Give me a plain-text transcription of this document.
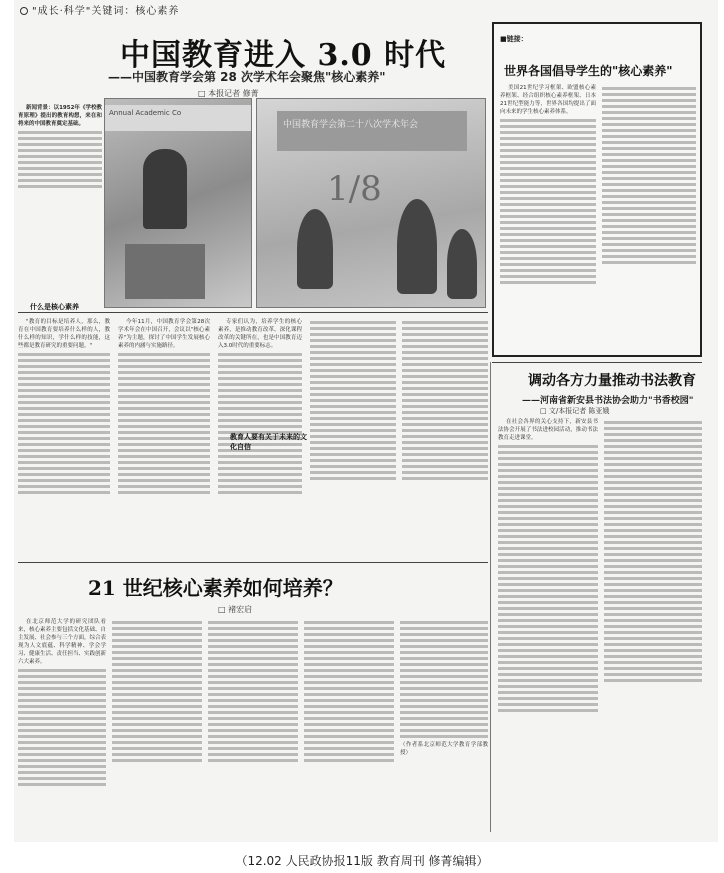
"成长·科学"关键词：核心素养
中国教育进入 3.0 时代
——中国教育学会第 28 次学术年会聚焦"核心素养"
□ 本报记者 修菁
Annual Academic Co
中国教育学会第二十八次学术年会
1/8

新闻背景：以1952年《学校教育原理》提出的教育构想，来在和将来的中国教育奠定基础。

什么是核心素养

"教育的目标是培养人，那么，教育在中国教育要培养什么样的人，教什么样的知识，学什么样的技能，这些都是教育研究的重要问题。"

今年11月，中国教育学会第28次学术年会在中国召开，会议以"核心素养"为主题，探讨了中国学生发展核心素养的内涵与实施路径。

专家们认为，培养学生的核心素养，是推动教育改革、深化课程改革的关键所在，也是中国教育迈入3.0时代的重要标志。

教育人要有关于未来的文化自信
■链接：
世界各国倡导学生的"核心素养"

美国21世纪学习框架、欧盟核心素养框架、经合组织核心素养框架、日本21世纪型能力等，世界各国均提出了面向未来的学生核心素养体系。

调动各方力量推动书法教育
——河南省新安县书法协会助力"书香校园"
□ 文/本报记者 陈亚娥

在社会各界的关心支持下，新安县书法协会开展了书法进校园活动，推动书法教育走进课堂。

21 世纪核心素养如何培养？
□ 褚宏启

在北京师范大学的研究团队看来，核心素养主要包括文化基础、自主发展、社会参与三个方面，综合表现为人文底蕴、科学精神、学会学习、健康生活、责任担当、实践创新六大素养。

（作者系北京师范大学教育学部教授）
（12.02 人民政协报11版 教育周刊 修菁编辑）
